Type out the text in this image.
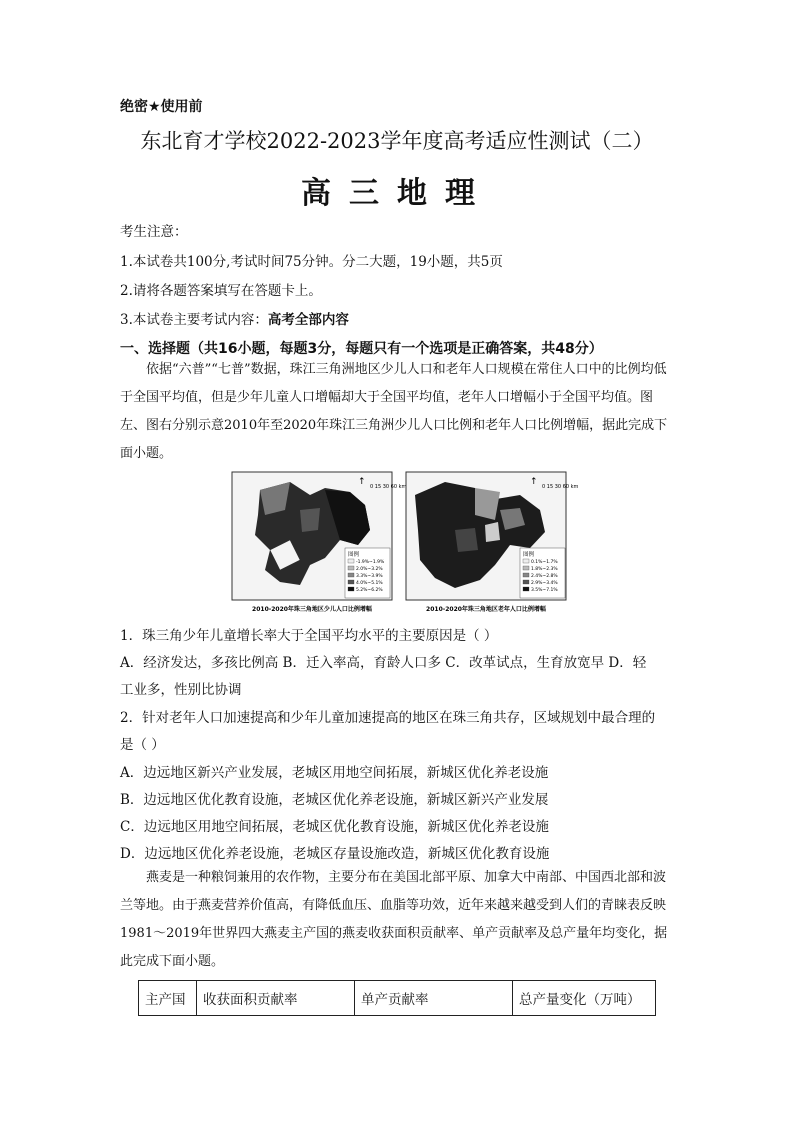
绝密★使用前
东北育才学校2022-2023学年度高考适应性测试（二）
高三地理
考生注意：
1.本试卷共100分,考试时间75分钟。分二大题，19小题，共5页
2.请将各题答案填写在答题卡上。
3.本试卷主要考试内容：高考全部内容
一、选择题（共16小题，每题3分，每题只有一个选项是正确答案，共48分）
依据“六普”“七普”数据，珠江三角洲地区少儿人口和老年人口规模在常住人口中的比例均低于全国平均值，但是少年儿童人口增幅却大于全国平均值，老年人口增幅小于全国平均值。图左、图右分别示意2010年至2020年珠江三角洲少儿人口比例和老年人口比例增幅，据此完成下面小题。
0 15 30 60 km
↑
图例
-1.9%~1.9%
2.0%~3.2%
3.3%~3.9%
4.0%~5.1%
5.2%~6.2%
2010-2020年珠三角地区少儿人口比例增幅
0 15 30 60 km
↑
图例
0.1%~1.7%
1.8%~2.3%
2.4%~2.8%
2.9%~3.4%
3.5%~7.1%
2010-2020年珠三角地区老年人口比例增幅
1．珠三角少年儿童增长率大于全国平均水平的主要原因是（ ）
A．经济发达，多孩比例高 B．迁入率高，育龄人口多 C．改革试点，生育放宽早 D．轻
工业多，性别比协调
2．针对老年人口加速提高和少年儿童加速提高的地区在珠三角共存，区域规划中最合理的
是（ ）
A．边远地区新兴产业发展，老城区用地空间拓展，新城区优化养老设施
B．边远地区优化教育设施，老城区优化养老设施，新城区新兴产业发展
C．边远地区用地空间拓展，老城区优化教育设施，新城区优化养老设施
D．边远地区优化养老设施，老城区存量设施改造，新城区优化教育设施
燕麦是一种粮饲兼用的农作物，主要分布在美国北部平原、加拿大中南部、中国西北部和波兰等地。由于燕麦营养价值高，有降低血压、血脂等功效，近年来越来越受到人们的青睐表反映1981～2019年世界四大燕麦主产国的燕麦收获面积贡献率、单产贡献率及总产量年均变化，据此完成下面小题。
主产国	收获面积贡献率	单产贡献率	总产量变化（万吨）
